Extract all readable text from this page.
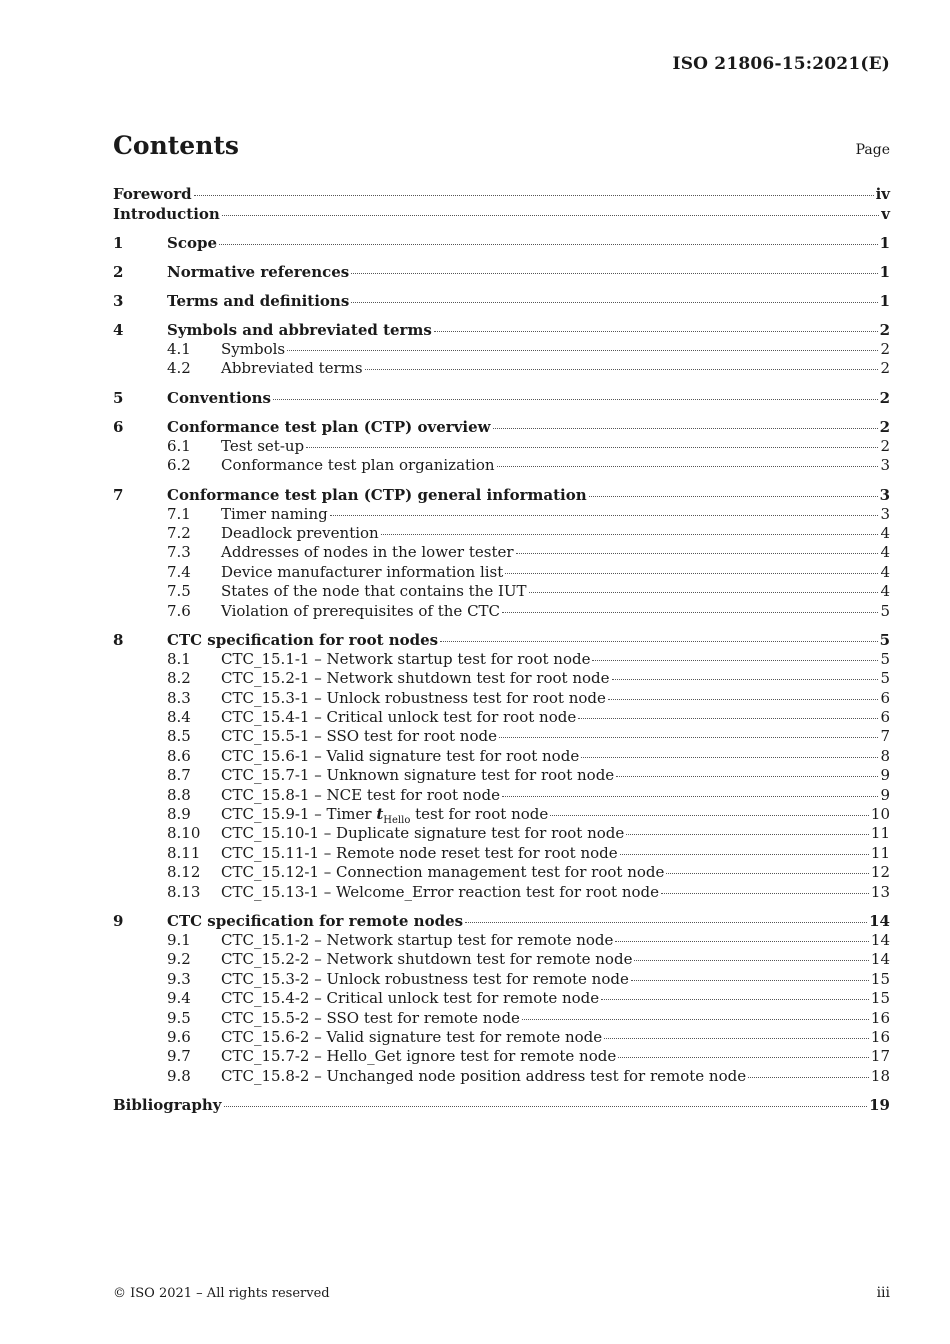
ISO 21806-15:2021(E)
Contents	Page
Foreword	iv
Introduction	v
1	Scope	1
2	Normative references	1
3	Terms and definitions	1
4	Symbols and abbreviated terms	2
4.1	Symbols	2
4.2	Abbreviated terms	2
5	Conventions	2
6	Conformance test plan (CTP) overview	2
6.1	Test set-up	2
6.2	Conformance test plan organization	3
7	Conformance test plan (CTP) general information	3
7.1	Timer naming	3
7.2	Deadlock prevention	4
7.3	Addresses of nodes in the lower tester	4
7.4	Device manufacturer information list	4
7.5	States of the node that contains the IUT	4
7.6	Violation of prerequisites of the CTC	5
8	CTC specification for root nodes	5
8.1	CTC_15.1-1 – Network startup test for root node	5
8.2	CTC_15.2-1 – Network shutdown test for root node	5
8.3	CTC_15.3-1 – Unlock robustness test for root node	6
8.4	CTC_15.4-1 – Critical unlock test for root node	6
8.5	CTC_15.5-1 – SSO test for root node	7
8.6	CTC_15.6-1 – Valid signature test for root node	8
8.7	CTC_15.7-1 – Unknown signature test for root node	9
8.8	CTC_15.8-1 – NCE test for root node	9
8.9	CTC_15.9-1 – Timer $t_{Hello}$ test for root node	10
8.10	CTC_15.10-1 – Duplicate signature test for root node	11
8.11	CTC_15.11-1 – Remote node reset test for root node	11
8.12	CTC_15.12-1 – Connection management test for root node	12
8.13	CTC_15.13-1 – Welcome_Error reaction test for root node	13
9	CTC specification for remote nodes	14
9.1	CTC_15.1-2 – Network startup test for remote node	14
9.2	CTC_15.2-2 – Network shutdown test for remote node	14
9.3	CTC_15.3-2 – Unlock robustness test for remote node	15
9.4	CTC_15.4-2 – Critical unlock test for remote node	15
9.5	CTC_15.5-2 – SSO test for remote node	16
9.6	CTC_15.6-2 – Valid signature test for remote node	16
9.7	CTC_15.7-2 – Hello_Get ignore test for remote node	17
9.8	CTC_15.8-2 – Unchanged node position address test for remote node	18
Bibliography	19
© ISO 2021 – All rights reserved	iii
